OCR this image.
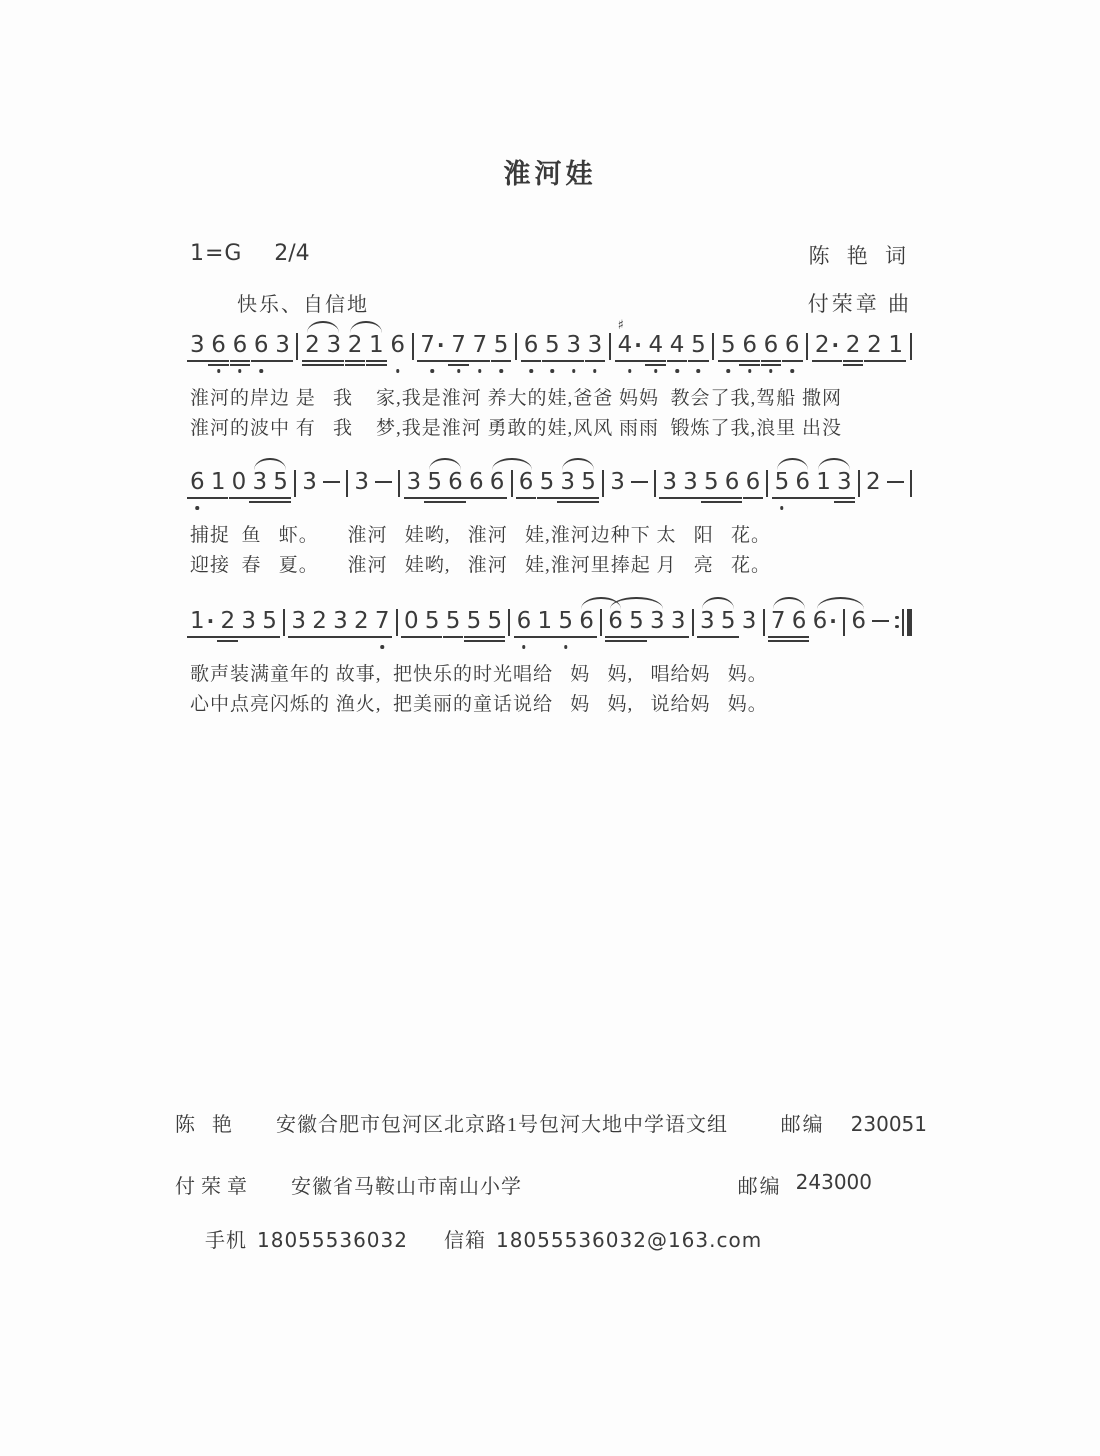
淮河娃
1=G 2/4	陈 艳 词
快乐、自信地	付荣章 曲
3 6 6 6 3 2 3 2 1 6 7 · 7 7 5 6 5 3 3
♯
4 · 4 4 5 5 6 6 6 2 · 2 2 1
淮河的岸边 是   我    家,我是淮河 养大的娃,爸爸 妈妈  教会了我,驾船 撒网
淮河的波中 有   我    梦,我是淮河 勇敢的娃,风风 雨雨  锻炼了我,浪里 出没
6 1 0 3 5 3 3 3 5 6 6 6 6 5 3 5 3 3 3 5 6 6 5 6 1 3 2
捕捉  鱼   虾。     淮河   娃哟,   淮河   娃,淮河边种下 太   阳   花。
迎接  春   夏。     淮河   娃哟,   淮河   娃,淮河里捧起 月   亮   花。
1 · 2 3 5 3 2 3 2 7 0 5 5 5 5 6 1 5 6 6 5 3 3 3 5 3 7 6 6 · 6
歌声装满童年的 故事,  把快乐的时光唱给   妈   妈,   唱给妈   妈。
心中点亮闪烁的 渔火,  把美丽的童话说给   妈   妈,   说给妈   妈。
陈 艳 安徽合肥市包河区北京路1号包河大地中学语文组	邮编 230051
付荣章 安徽省马鞍山市南山小学	邮编 243000
手机 18055536032 信箱 18055536032@163.com
